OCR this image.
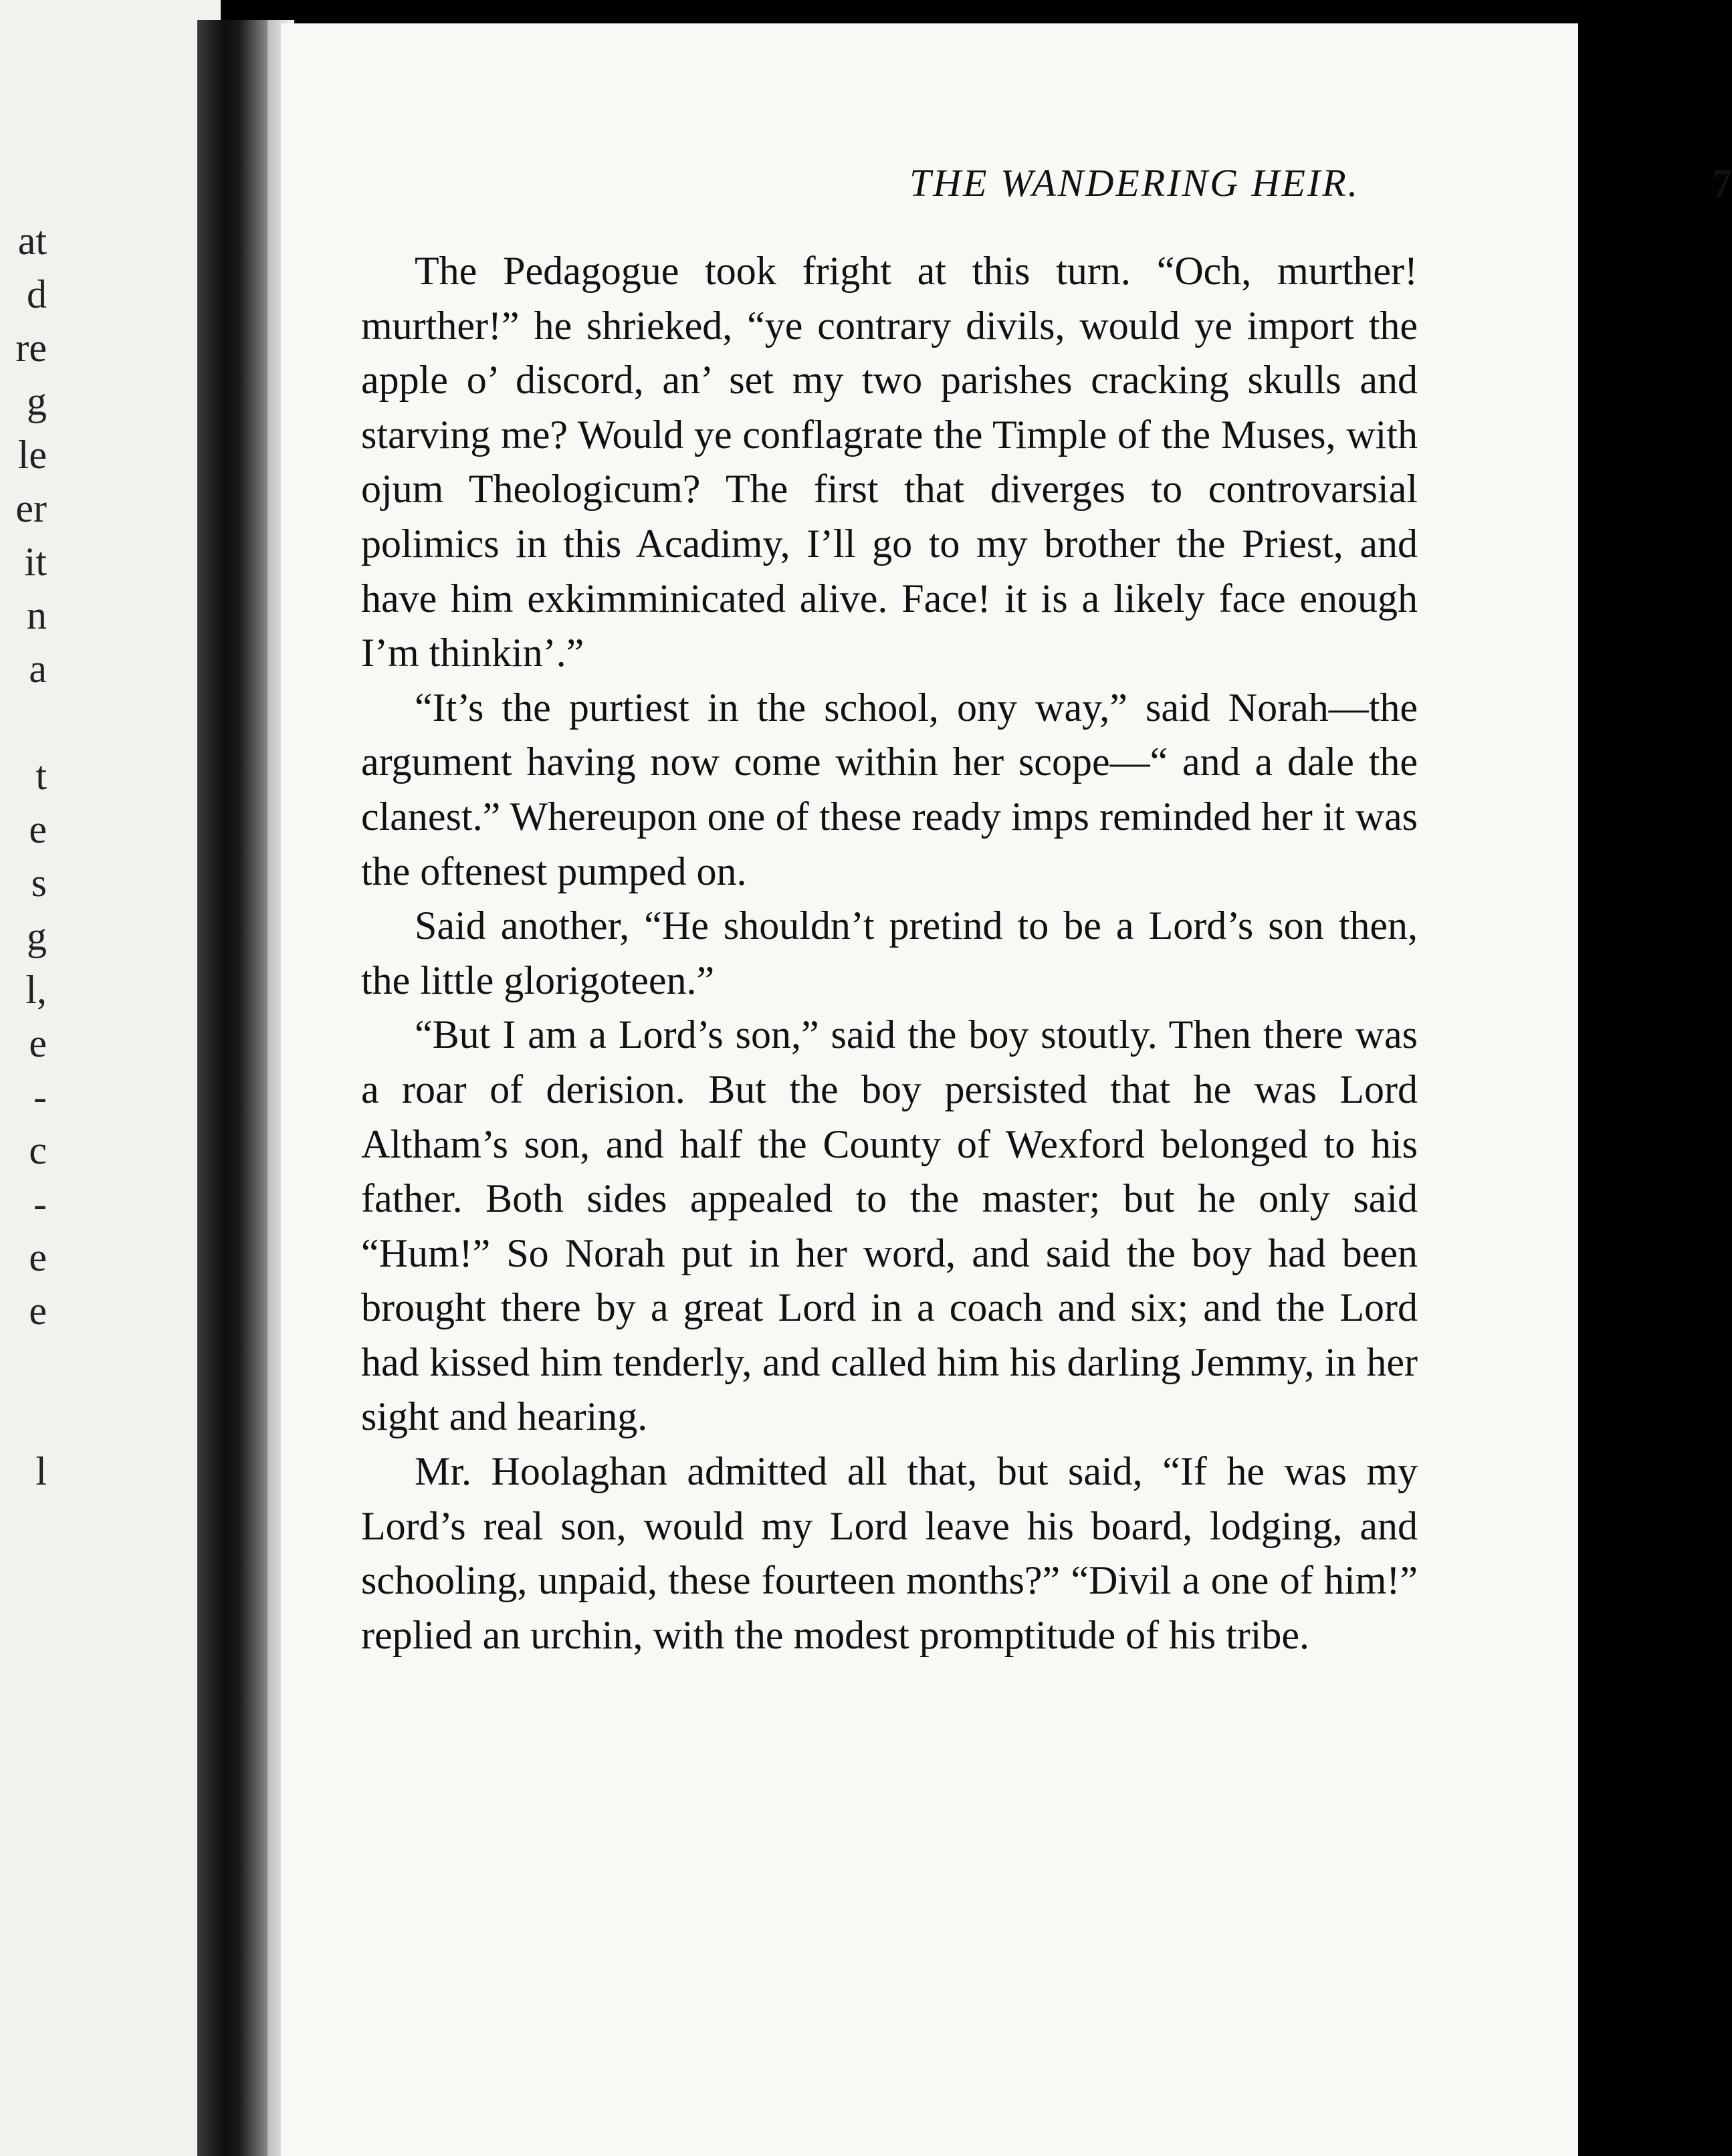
at
d
re
g
le
er
it
n
a
t
e
s
g
l,
e
-
c
-
e
e
l
THE WANDERING HEIR.	7

The Pedagogue took fright at this turn. “Och, murther! murther!” he shrieked, “ye contrary divils, would ye import the apple o’ discord, an’ set my two parishes cracking skulls and starving me? Would ye conflagrate the Timple of the Muses, with ojum Theologicum? The first that diverges to controvarsial polimics in this Acadimy, I’ll go to my brother the Priest, and have him exkimminicated alive. Face! it is a likely face enough I’m thinkin’.”

“It’s the purtiest in the school, ony way,” said Norah—the argument having now come within her scope—“ and a dale the clanest.” Whereupon one of these ready imps reminded her it was the oftenest pumped on.

Said another, “He shouldn’t pretind to be a Lord’s son then, the little glorigoteen.”

“But I am a Lord’s son,” said the boy stoutly. Then there was a roar of derision. But the boy persisted that he was Lord Altham’s son, and half the County of Wexford belonged to his father. Both sides appealed to the master; but he only said “Hum!” So Norah put in her word, and said the boy had been brought there by a great Lord in a coach and six; and the Lord had kissed him tenderly, and called him his darling Jemmy, in her sight and hearing.

Mr. Hoolaghan admitted all that, but said, “If he was my Lord’s real son, would my Lord leave his board, lodging, and schooling, unpaid, these fourteen months?” “Divil a one of him!” replied an urchin, with the modest promptitude of his tribe.
